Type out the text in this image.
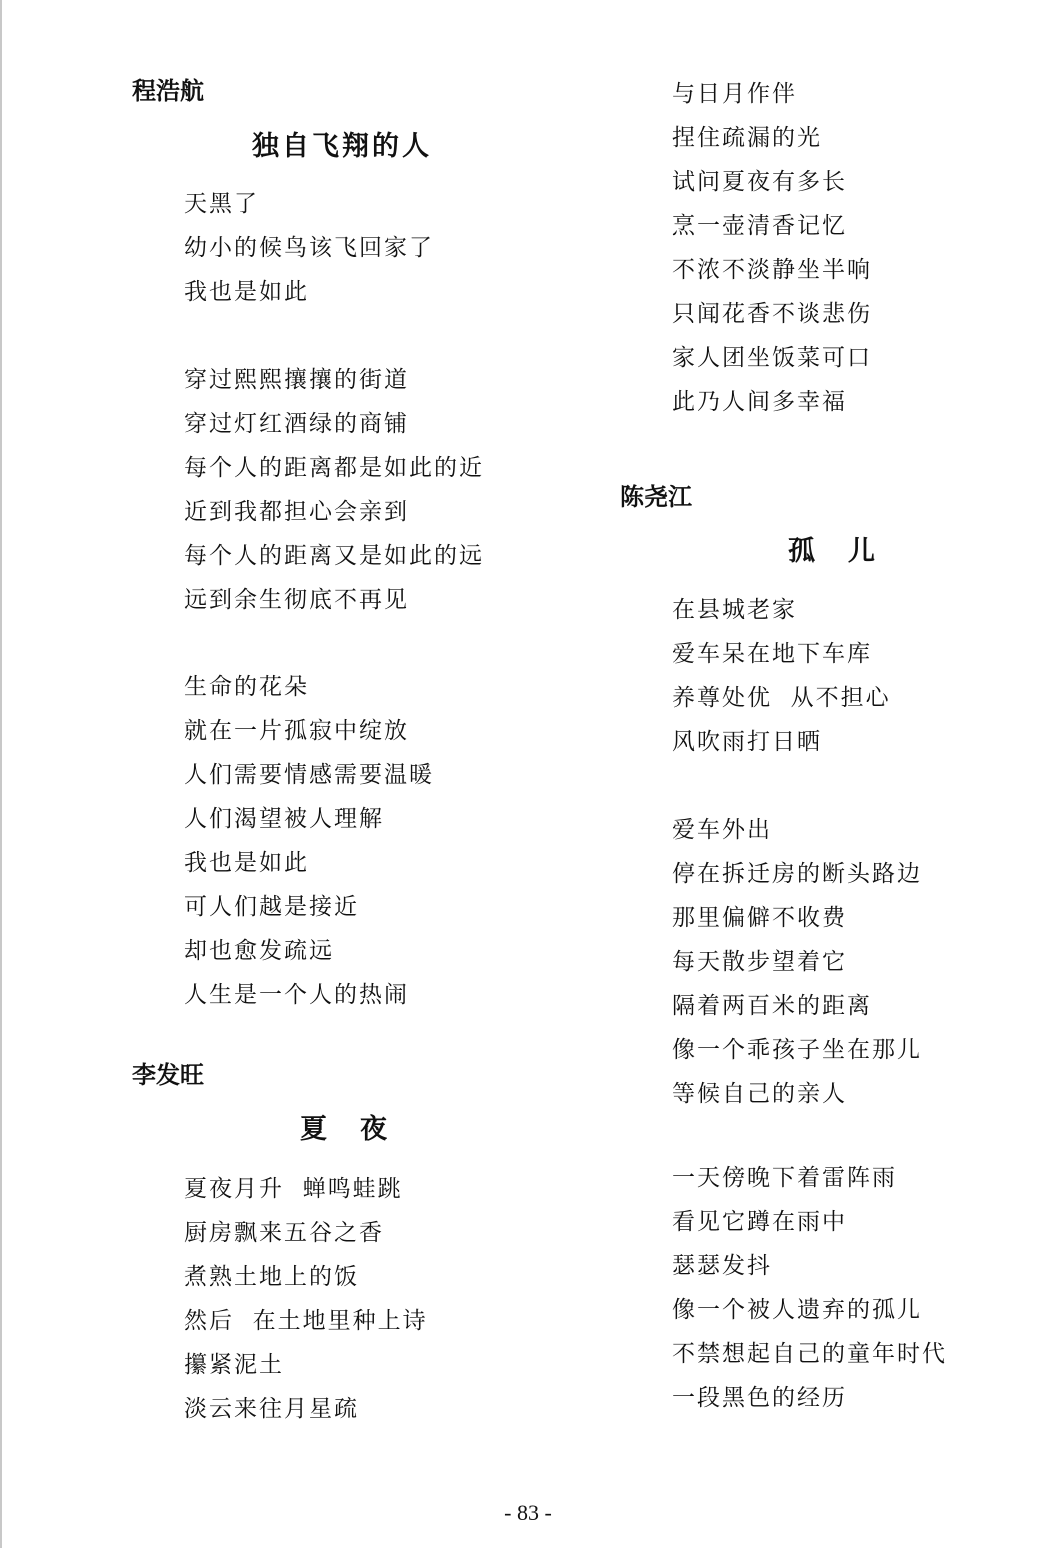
程浩航
独自飞翔的人
天黑了
幼小的候鸟该飞回家了
我也是如此
穿过熙熙攘攘的街道
穿过灯红酒绿的商铺
每个人的距离都是如此的近
近到我都担心会亲到
每个人的距离又是如此的远
远到余生彻底不再见
生命的花朵
就在一片孤寂中绽放
人们需要情感需要温暖
人们渴望被人理解
我也是如此
可人们越是接近
却也愈发疏远
人生是一个人的热闹
李发旺
夏　夜
夏夜月升  蝉鸣蛙跳
厨房飘来五谷之香
煮熟土地上的饭
然后  在土地里种上诗
攥紧泥土
淡云来往月星疏
与日月作伴
捏住疏漏的光
试问夏夜有多长
烹一壶清香记忆
不浓不淡静坐半响
只闻花香不谈悲伤
家人团坐饭菜可口
此乃人间多幸福
陈尧江
孤　儿
在县城老家
爱车呆在地下车库
养尊处优  从不担心
风吹雨打日晒
爱车外出
停在拆迁房的断头路边
那里偏僻不收费
每天散步望着它
隔着两百米的距离
像一个乖孩子坐在那儿
等候自己的亲人
一天傍晚下着雷阵雨
看见它蹲在雨中
瑟瑟发抖
像一个被人遗弃的孤儿
不禁想起自己的童年时代
一段黑色的经历
- 83 -
